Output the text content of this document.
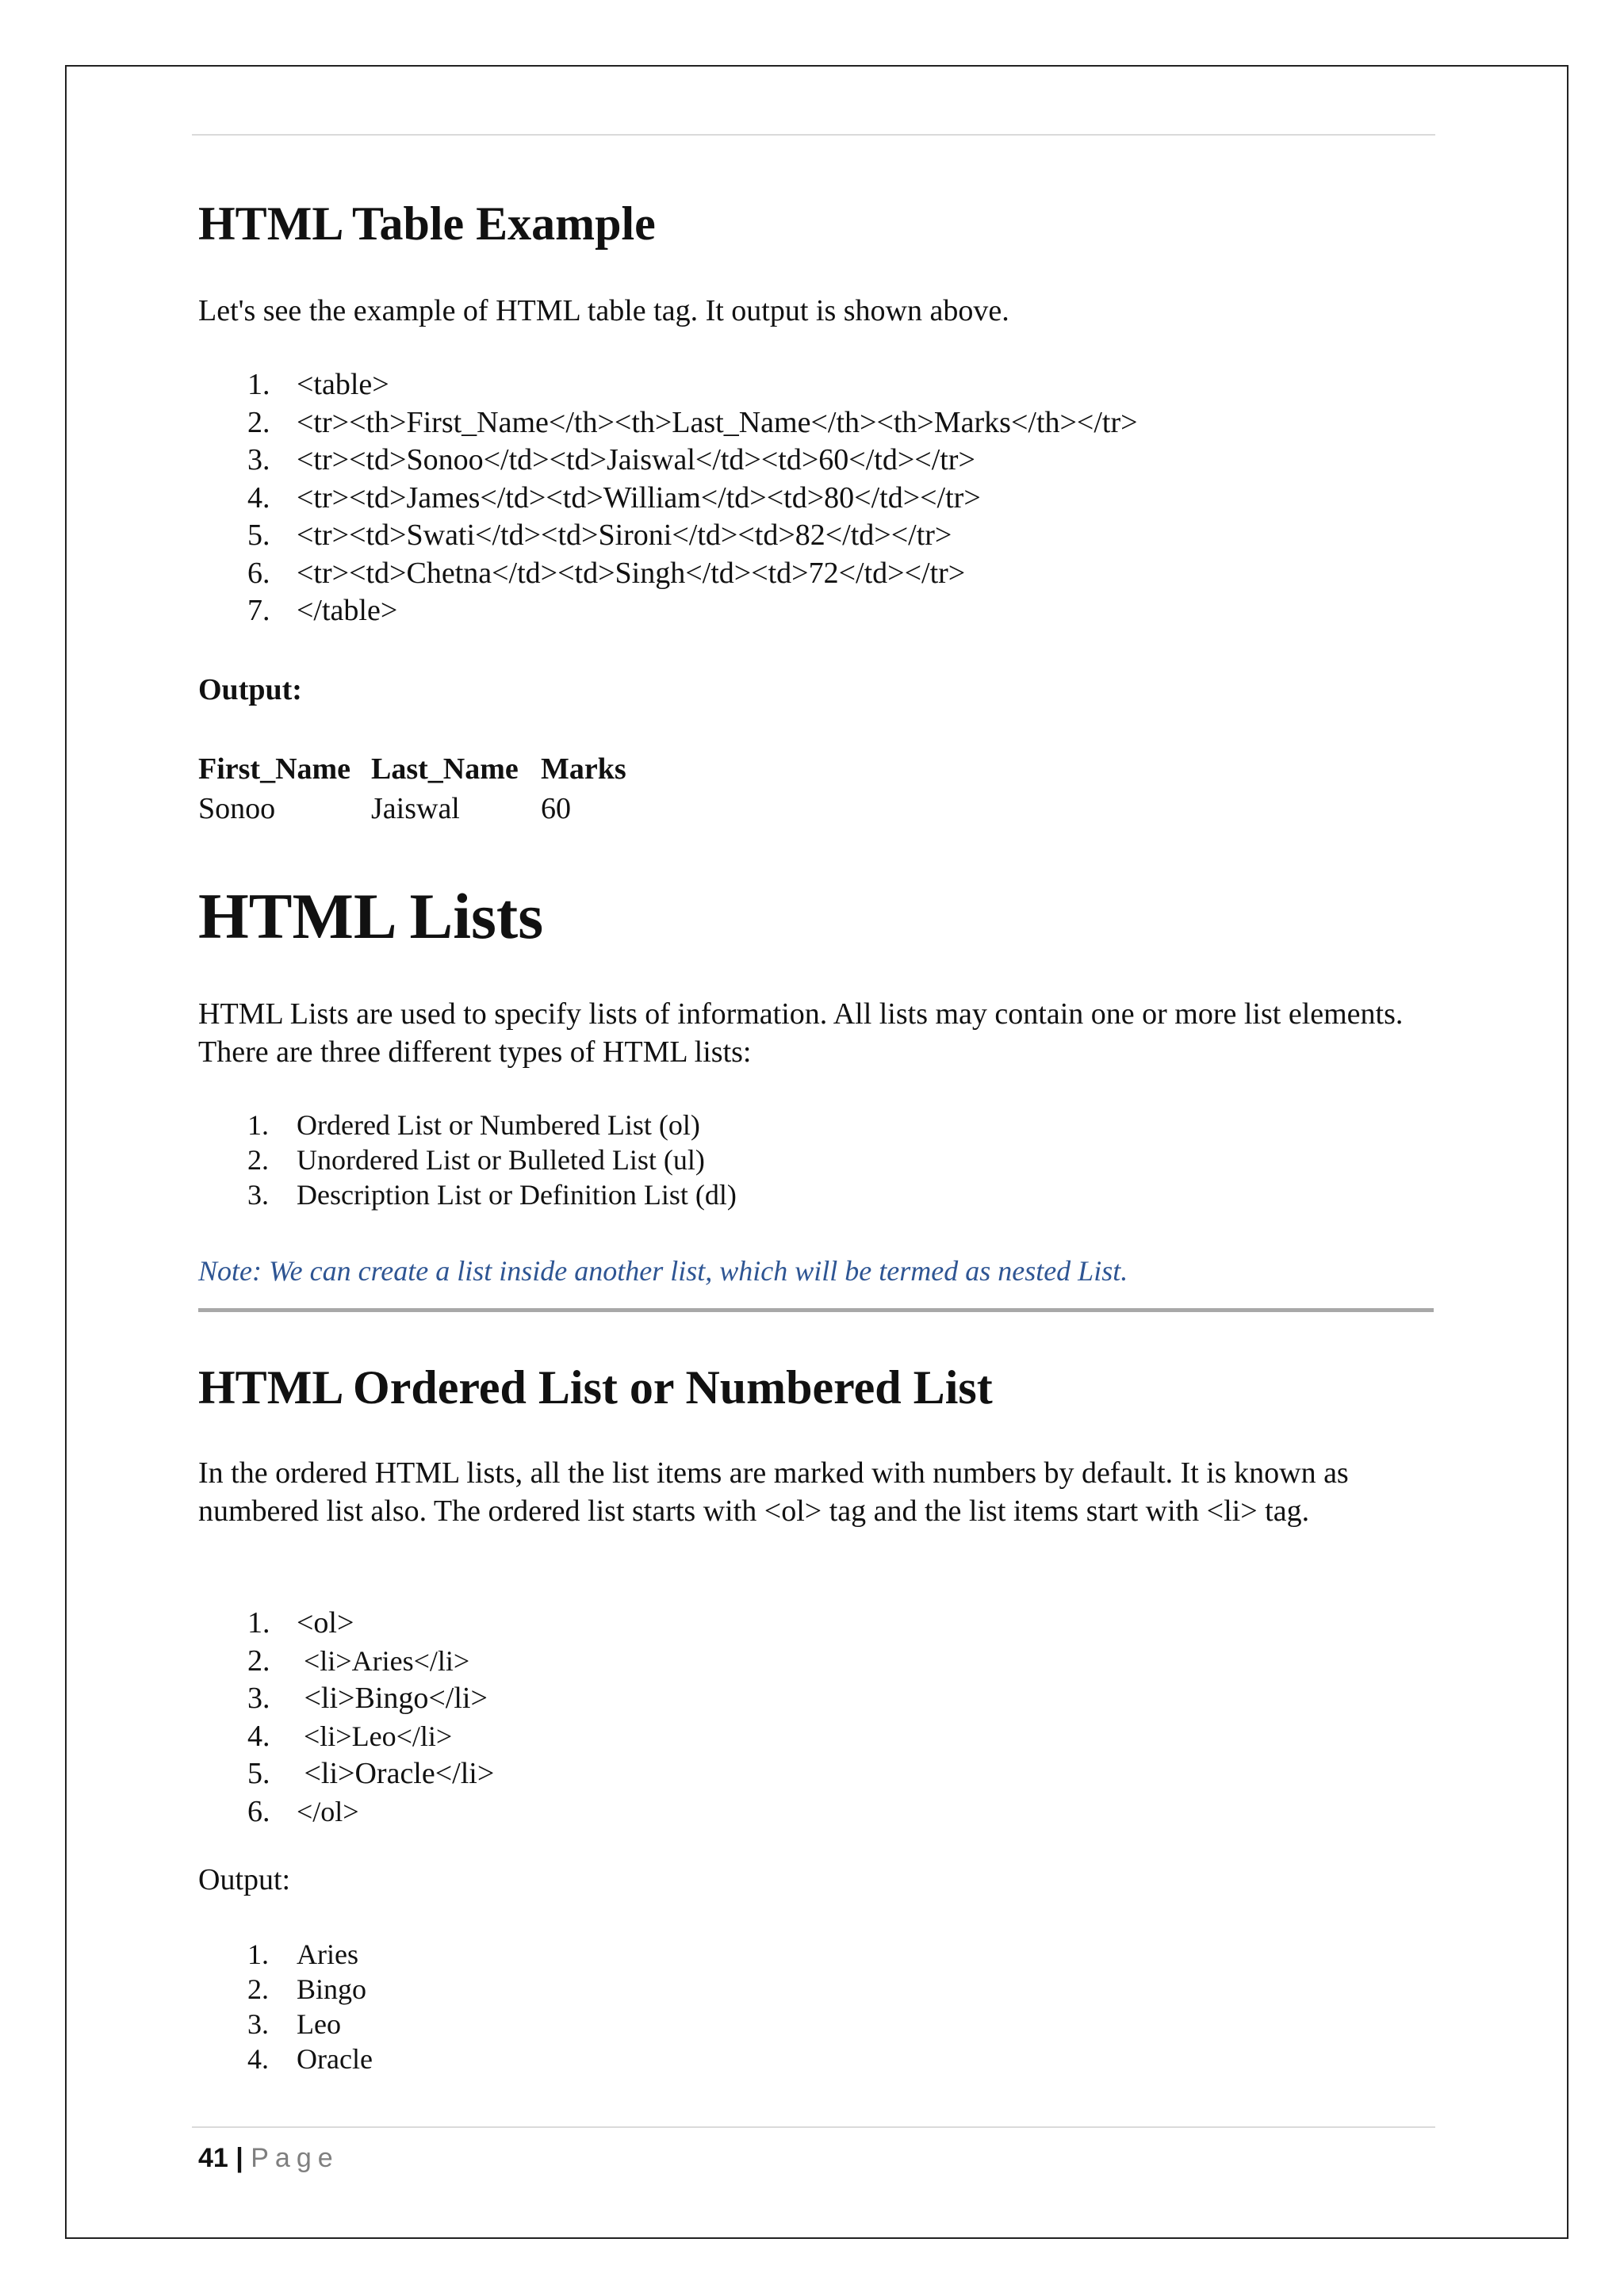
HTML Table Example

Let's see the example of HTML table tag. It output is shown above.

1. <table>
2. <tr><th>First_Name</th><th>Last_Name</th><th>Marks</th></tr>
3. <tr><td>Sonoo</td><td>Jaiswal</td><td>60</td></tr>
4. <tr><td>James</td><td>William</td><td>80</td></tr>
5. <tr><td>Swati</td><td>Sironi</td><td>82</td></tr>
6. <tr><td>Chetna</td><td>Singh</td><td>72</td></tr>
7. </table>

Output:

First_Name Last_Name Marks
Sonoo	Jaiswal	60
HTML Lists

HTML Lists are used to specify lists of information. All lists may contain one or more list elements. There are three different types of HTML lists:

1. Ordered List or Numbered List (ol)
2. Unordered List or Bulleted List (ul)
3. Description List or Definition List (dl)

Note: We can create a list inside another list, which will be termed as nested List.

HTML Ordered List or Numbered List

In the ordered HTML lists, all the list items are marked with numbers by default. It is known as numbered list also. The ordered list starts with <ol> tag and the list items start with <li> tag.

1. <ol>
2. <li>Aries</li>
3. <li>Bingo</li>
4. <li>Leo</li>
5. <li>Oracle</li>
6. </ol>

Output:

1. Aries
2. Bingo
3. Leo
4. Oracle
41 | Page
